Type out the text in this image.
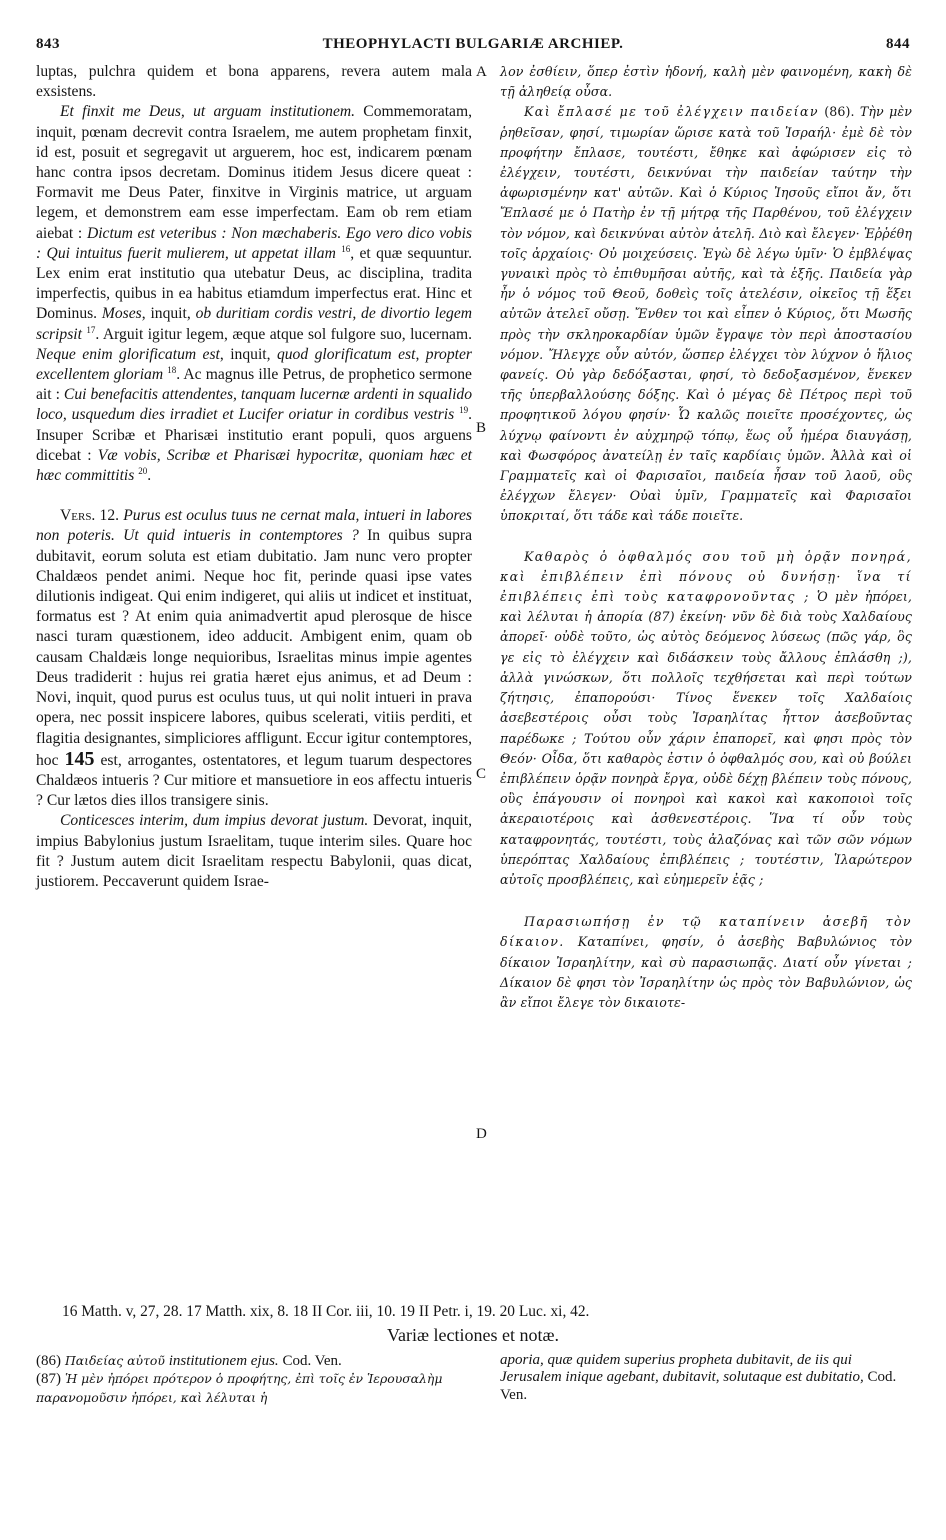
843	THEOPHYLACTI BULGARIÆ ARCHIEP.	844

luptas, pulchra quidem et bona apparens, revera autem mala exsistens.

Et finxit me Deus, ut arguam institutionem. Commemoratam, inquit, pœnam decrevit contra Israelem, me autem prophetam finxit, id est, posuit et segregavit ut arguerem, hoc est, indicarem pœnam hanc contra ipsos decretam. Dominus itidem Jesus dicere queat : Formavit me Deus Pater, finxitve in Virginis matrice, ut arguam legem, et demonstrem eam esse imperfectam. Eam ob rem etiam aiebat : Dictum est veteribus : Non mæchaberis. Ego vero dico vobis : Qui intuitus fuerit mulierem, ut appetat illam $^{16}$, et quæ sequuntur. Lex enim erat institutio qua utebatur Deus, ac disciplina, tradita imperfectis, quibus in ea habitus etiamdum imperfectus erat. Hinc et Dominus. Moses, inquit, ob duritiam cordis vestri, de divortio legem scripsit $^{17}$. Arguit igitur legem, æque atque sol fulgore suo, lucernam. Neque enim glorificatum est, inquit, quod glorificatum est, propter excellentem gloriam $^{18}$. Ac magnus ille Petrus, de prophetico sermone ait : Cui benefacitis attendentes, tanquam lucernæ ardenti in squalido loco, usquedum dies irradiet et Lucifer oriatur in cordibus vestris $^{19}$. Insuper Scribæ et Pharisæi institutio erant populi, quos arguens dicebat : Væ vobis, Scribæ et Pharisæi hypocritæ, quoniam hæc et hæc committitis $^{20}$.

Vers. 12. Purus est oculus tuus ne cernat mala, intueri in labores non poteris. Ut quid intueris in contemptores ? In quibus supra dubitavit, eorum soluta est etiam dubitatio. Jam nunc vero propter Chaldæos pendet animi. Neque hoc fit, perinde quasi ipse vates dilutionis indigeat. Qui enim indigeret, qui aliis ut indicet et instituat, formatus est ? At enim quia animadvertit apud plerosque de hisce nasci turam quæstionem, ideo adducit. Ambigent enim, quam ob causam Chaldæis longe nequioribus, Israelitas minus impie agentes Deus tradiderit : hujus rei gratia hæret ejus animus, et ad Deum : Novi, inquit, quod purus est oculus tuus, ut qui nolit intueri in prava opera, nec possit inspicere labores, quibus scelerati, vitiis perditi, et flagitia designantes, simpliciores affligunt. Eccur igitur contemptores, hoc 145 est, arrogantes, ostentatores, et legum tuarum despectores Chaldæos intueris ? Cur mitiore et mansuetiore in eos affectu intueris ? Cur lætos dies illos transigere sinis.

Conticesces interim, dum impius devorat justum. Devorat, inquit, impius Babylonius justum Israelitam, tuque interim siles. Quare hoc fit ? Justum autem dicit Israelitam respectu Babylonii, quas dicat, justiorem. Peccaverunt quidem Israe-

A
B
C
D

λον ἐσθίειν, ὅπερ ἐστὶν ἡδονή, καλὴ μὲν φαινομένη, κακὴ δὲ τῇ ἀληθείᾳ οὖσα.

Καὶ ἔπλασέ με τοῦ ἐλέγχειν παιδείαν (86). Τὴν μὲν ῥηθεῖσαν, φησί, τιμωρίαν ὥρισε κατὰ τοῦ Ἰσραήλ· ἐμὲ δὲ τὸν προφήτην ἔπλασε, τουτέστι, ἔθηκε καὶ ἀφώρισεν εἰς τὸ ἐλέγχειν, τουτέστι, δεικνύναι τὴν παιδείαν ταύτην τὴν ἀφωρισμένην κατ' αὐτῶν. Καὶ ὁ Κύριος Ἰησοῦς εἴποι ἄν, ὅτι Ἔπλασέ με ὁ Πατὴρ ἐν τῇ μήτρᾳ τῆς Παρθένου, τοῦ ἐλέγχειν τὸν νόμον, καὶ δεικνύναι αὐτὸν ἀτελῆ. Διὸ καὶ ἔλεγεν· Ἐῤῥέθη τοῖς ἀρχαίοις· Οὐ μοιχεύσεις. Ἐγὼ δὲ λέγω ὑμῖν· Ὁ ἐμβλέψας γυναικὶ πρὸς τὸ ἐπιθυμῆσαι αὐτῆς, καὶ τὰ ἑξῆς. Παιδεία γὰρ ἦν ὁ νόμος τοῦ Θεοῦ, δοθεὶς τοῖς ἀτελέσιν, οἰκεῖος τῇ ἕξει αὐτῶν ἀτελεῖ οὔσῃ. Ἔνθεν τοι καὶ εἶπεν ὁ Κύριος, ὅτι Μωσῆς πρὸς τὴν σκληροκαρδίαν ὑμῶν ἔγραψε τὸν περὶ ἀποστασίου νόμον. Ἤλεγχε οὖν αὐτόν, ὥσπερ ἐλέγχει τὸν λύχνον ὁ ἥλιος φανείς. Οὐ γὰρ δεδόξασται, φησί, τὸ δεδοξασμένον, ἕνεκεν τῆς ὑπερβαλλούσης δόξης. Καὶ ὁ μέγας δὲ Πέτρος περὶ τοῦ προφητικοῦ λόγου φησίν· Ὧ καλῶς ποιεῖτε προσέχοντες, ὡς λύχνῳ φαίνοντι ἐν αὐχμηρῷ τόπῳ, ἕως οὗ ἡμέρα διαυγάσῃ, καὶ Φωσφόρος ἀνατείλῃ ἐν ταῖς καρδίαις ὑμῶν. Ἀλλὰ καὶ οἱ Γραμματεῖς καὶ οἱ Φαρισαῖοι, παιδεία ἦσαν τοῦ λαοῦ, οὓς ἐλέγχων ἔλεγεν· Οὐαὶ ὑμῖν, Γραμματεῖς καὶ Φαρισαῖοι ὑποκριταί, ὅτι τάδε καὶ τάδε ποιεῖτε.

Καθαρὸς ὁ ὀφθαλμός σου τοῦ μὴ ὁρᾷν πονηρά, καὶ ἐπιβλέπειν ἐπὶ πόνους οὐ δυνήσῃ· ἵνα τί ἐπιβλέπεις ἐπὶ τοὺς καταφρονοῦντας ; Ὁ μὲν ἠπόρει, καὶ λέλυται ἡ ἀπορία (87) ἐκείνη· νῦν δὲ διὰ τοὺς Χαλδαίους ἀπορεῖ· οὐδὲ τοῦτο, ὡς αὐτὸς δεόμενος λύσεως (πῶς γάρ, ὃς γε εἰς τὸ ἐλέγχειν καὶ διδάσκειν τοὺς ἄλλους ἐπλάσθη ;), ἀλλὰ γινώσκων, ὅτι πολλοῖς τεχθήσεται καὶ περὶ τούτων ζήτησις, ἐπαπορούσι· Τίνος ἕνεκεν τοῖς Χαλδαίοις ἀσεβεστέροις οὖσι τοὺς Ἰσραηλίτας ἧττον ἀσεβοῦντας παρέδωκε ; Τούτου οὖν χάριν ἐπαπορεῖ, καὶ φησι πρὸς τὸν Θεόν· Οἶδα, ὅτι καθαρὸς ἐστιν ὁ ὀφθαλμός σου, καὶ οὐ βούλει ἐπιβλέπειν ὁρᾷν πονηρὰ ἔργα, οὐδὲ δέχῃ βλέπειν τοὺς πόνους, οὓς ἐπάγουσιν οἱ πονηροὶ καὶ κακοὶ καὶ κακοποιοὶ τοῖς ἀκεραιοτέροις καὶ ἀσθενεστέροις. Ἵνα τί οὖν τοὺς καταφρονητάς, τουτέστι, τοὺς ἀλαζόνας καὶ τῶν σῶν νόμων ὑπερόπτας Χαλδαίους ἐπιβλέπεις ; τουτέστιν, Ἱλαρώτερον αὐτοῖς προσβλέπεις, καὶ εὐημερεῖν ἐᾷς ;

Παρασιωπήσῃ ἐν τῷ καταπίνειν ἀσεβῆ τὸν δίκαιον. Καταπίνει, φησίν, ὁ ἀσεβὴς Βαβυλώνιος τὸν δίκαιον Ἰσραηλίτην, καὶ σὺ παρασιωπᾷς. Διατί οὖν γίνεται ; Δίκαιον δὲ φησι τὸν Ἰσραηλίτην ὡς πρὸς τὸν Βαβυλώνιον, ὡς ἂν εἴποι ἔλεγε τὸν δικαιοτε-

16 Matth. v, 27, 28. 17 Matth. xix, 8. 18 II Cor. iii, 10. 19 II Petr. i, 19. 20 Luc. xi, 42.
Variæ lectiones et notæ.

(86) Παιδείας αὐτοῦ institutionem ejus. Cod. Ven.

(87) Ἡ μὲν ἠπόρει πρότερον ὁ προφήτης, ἐπὶ τοῖς ἐν Ἱερουσαλὴμ παρανομοῦσιν ἠπόρει, καὶ λέλυται ἡ

aporia, quæ quidem superius propheta dubitavit, de iis qui Jerusalem inique agebant, dubitavit, solutaque est dubitatio, Cod. Ven.
